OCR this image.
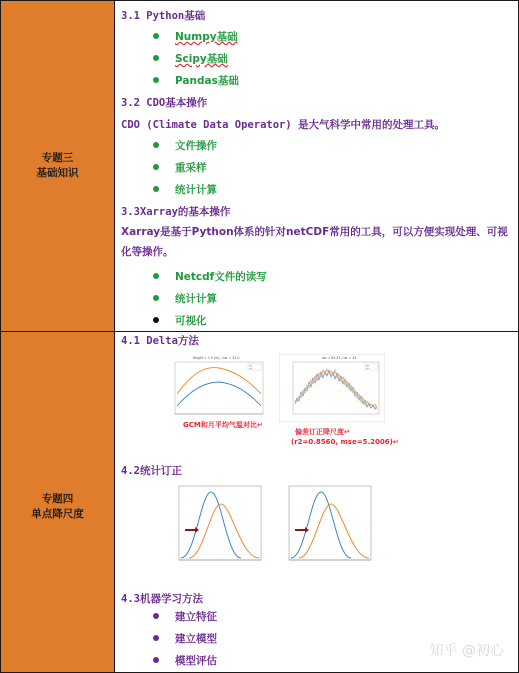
专题三
基础知识
3.1 Python基础
Numpy基础
Scipy基础
Pandas基础
3.2 CDO基本操作
CDO (Climate Data Operator) 是大气科学中常用的处理工具。
文件操作
重采样
统计计算
3.3Xarray的基本操作
Xarray是基于Python体系的针对netCDF常用的工具，可以方便实现处理、可视化等操作。
Netcdf文件的读写
统计计算
可视化
专题四
单点降尺度
4.1 Delta方法
Height = 1.5 (m) / Lat = 33.0
GCM和月平均气温对比↵
lon = 84.33 / lat = 43
偏差订正降尺度↵
(r2=0.8560, mse=5.2006)↵
4.2统计订正
4.3机器学习方法
建立特征
建立模型
模型评估
知乎 @初心
